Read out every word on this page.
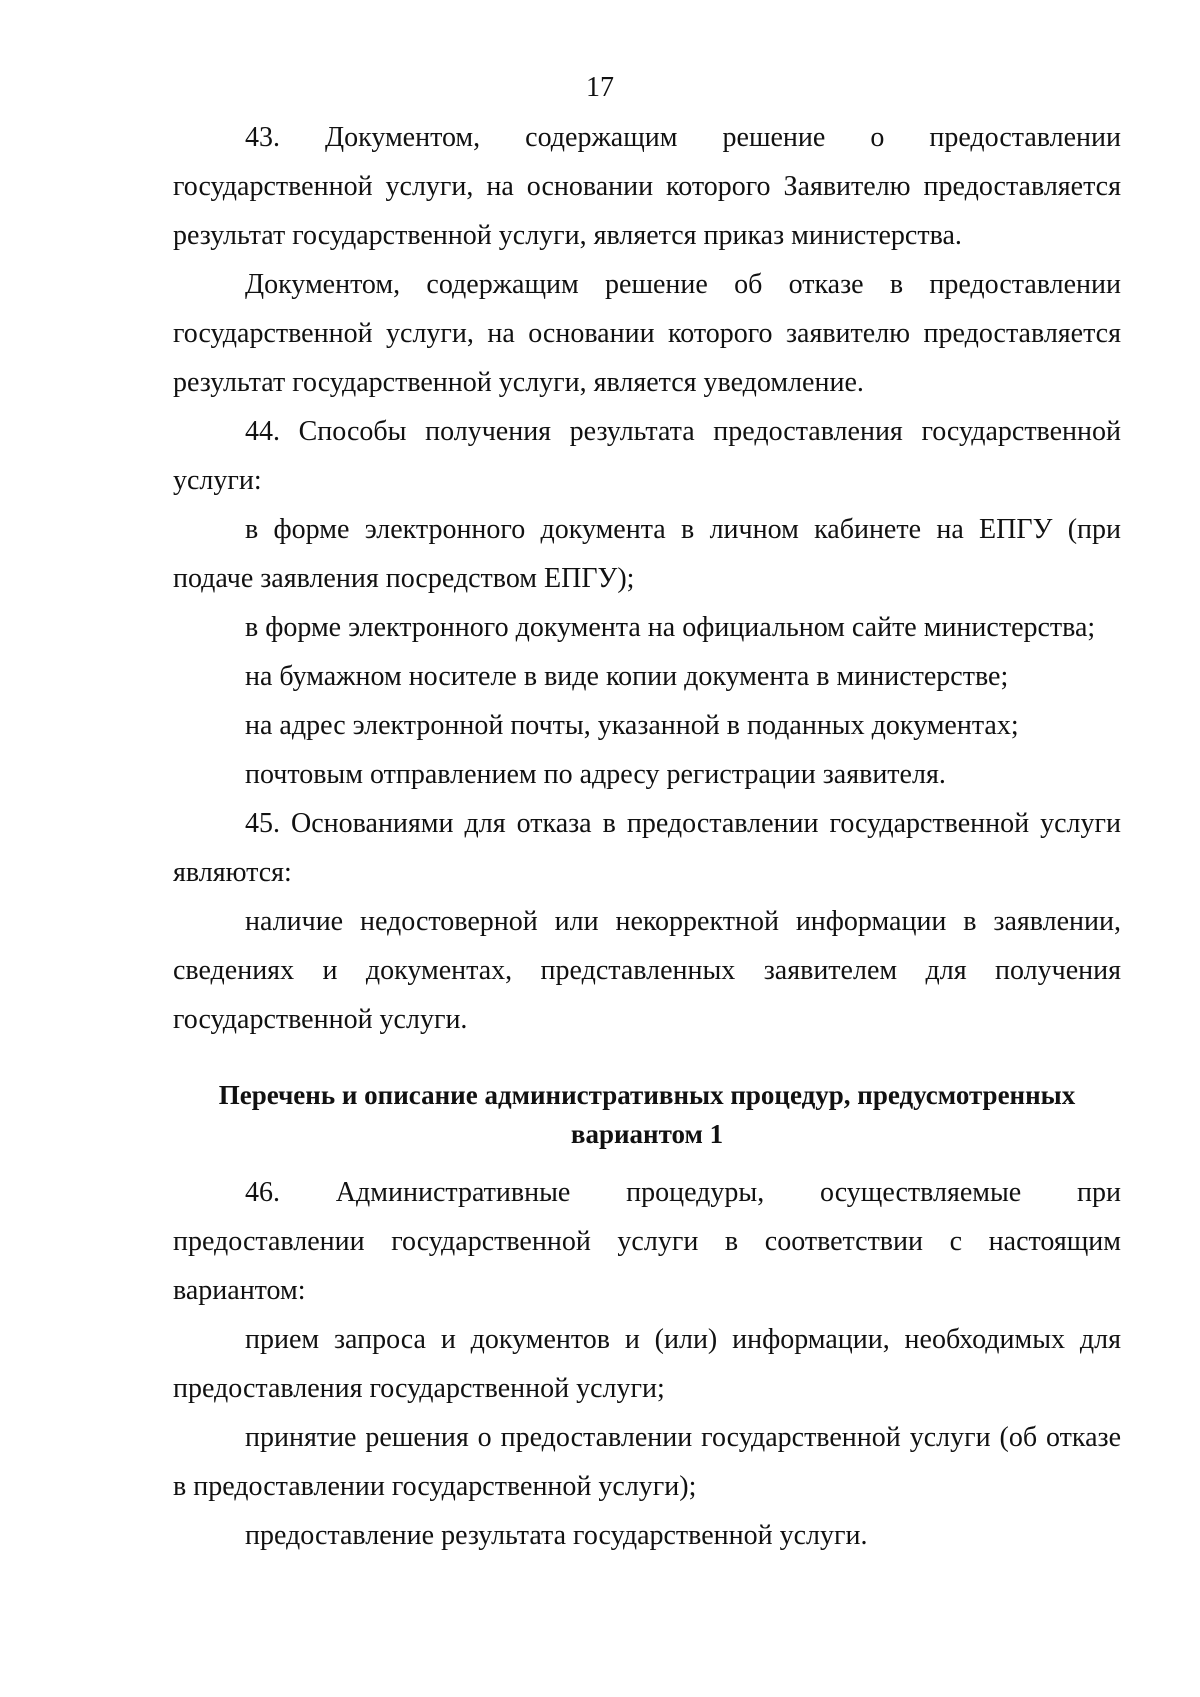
17

43. Документом, содержащим решение о предоставлении государственной услуги, на основании которого Заявителю предоставляется результат государственной услуги, является приказ министерства.

Документом, содержащим решение об отказе в предоставлении государственной услуги, на основании которого заявителю предоставляется результат государственной услуги, является уведомление.

44. Способы получения результата предоставления государственной услуги:

в форме электронного документа в личном кабинете на ЕПГУ (при подаче заявления посредством ЕПГУ);

в форме электронного документа на официальном сайте министерства;

на бумажном носителе в виде копии документа в министерстве;

на адрес электронной почты, указанной в поданных документах;

почтовым отправлением по адресу регистрации заявителя.

45. Основаниями для отказа в предоставлении государственной услуги являются:

наличие недостоверной или некорректной информации в заявлении, сведениях и документах, представленных заявителем для получения государственной услуги.

Перечень и описание административных процедур, предусмотренных вариантом 1

46. Административные процедуры, осуществляемые при предоставлении государственной услуги в соответствии с настоящим вариантом:

прием запроса и документов и (или) информации, необходимых для предоставления государственной услуги;

принятие решения о предоставлении государственной услуги (об отказе в предоставлении государственной услуги);

предоставление результата государственной услуги.
